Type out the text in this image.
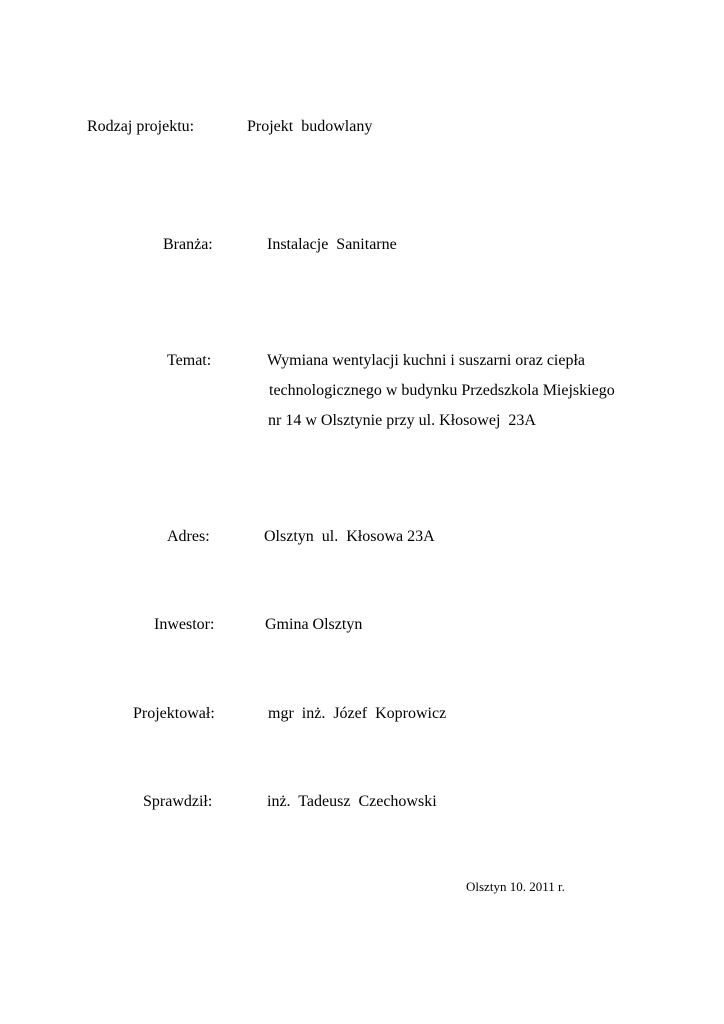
Rodzaj projektu:	Projekt  budowlany
Branża:	Instalacje  Sanitarne
Temat:	Wymiana wentylacji kuchni i suszarni oraz ciepła
technologicznego w budynku Przedszkola Miejskiego
nr 14 w Olsztynie przy ul. Kłosowej  23A
Adres:	Olsztyn  ul.  Kłosowa 23A
Inwestor:	Gmina Olsztyn
Projektował:	mgr  inż.  Józef  Koprowicz
Sprawdził:	inż.  Tadeusz  Czechowski
Olsztyn 10. 2011 r.
